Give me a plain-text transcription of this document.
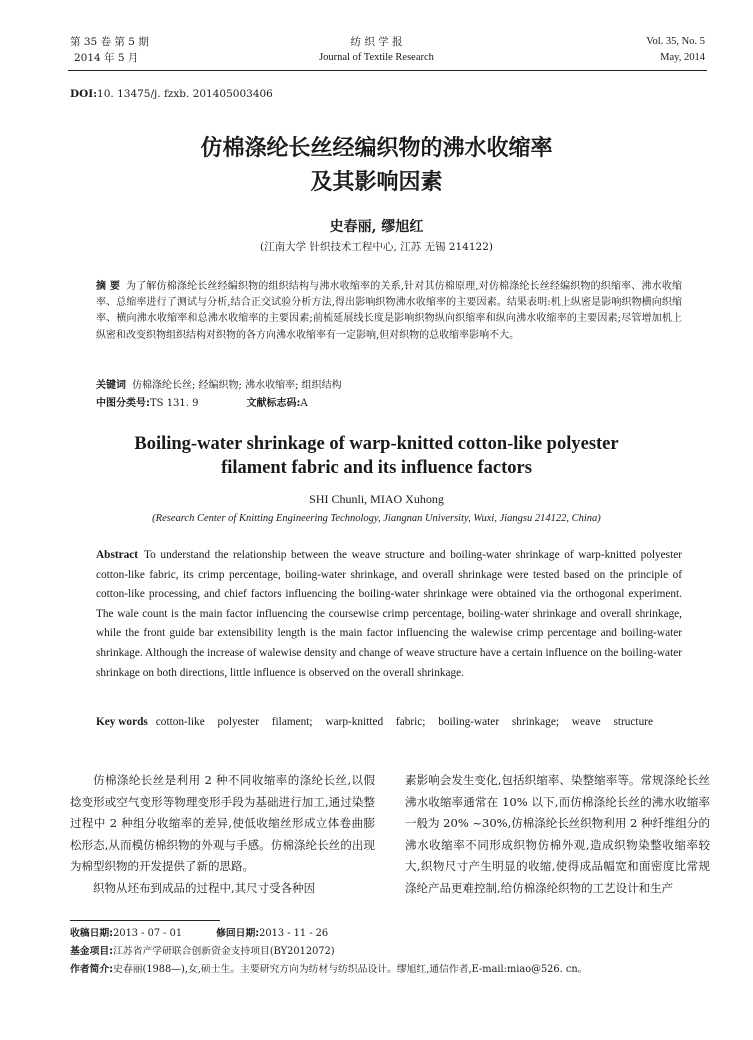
第 35 卷 第 5 期
2014 年 5 月
纺 织 学 报
Journal of Textile Research
Vol. 35, No. 5
May, 2014
DOI:10. 13475/j. fzxb. 201405003406
仿棉涤纶长丝经编织物的沸水收缩率
及其影响因素
史春丽, 缪旭红
(江南大学 针织技术工程中心, 江苏 无锡 214122)
摘 要 为了解仿棉涤纶长丝经编织物的组织结构与沸水收缩率的关系,针对其仿棉原理,对仿棉涤纶长丝经编织物的织缩率、沸水收缩率、总缩率进行了测试与分析,结合正交试验分析方法,得出影响织物沸水收缩率的主要因素。结果表明:机上纵密是影响织物横向织缩率、横向沸水收缩率和总沸水收缩率的主要因素;前梳延展线长度是影响织物纵向织缩率和纵向沸水收缩率的主要因素;尽管增加机上纵密和改变织物组织结构对织物的各方向沸水收缩率有一定影响,但对织物的总收缩率影响不大。
关键词 仿棉涤纶长丝; 经编织物; 沸水收缩率; 组织结构
中图分类号:TS 131. 9	文献标志码:A
Boiling-water shrinkage of warp-knitted cotton-like polyester
filament fabric and its influence factors
SHI Chunli, MIAO Xuhong
(Research Center of Knitting Engineering Technology, Jiangnan University, Wuxi, Jiangsu 214122, China)
Abstract To understand the relationship between the weave structure and boiling-water shrinkage of warp-knitted polyester cotton-like fabric, its crimp percentage, boiling-water shrinkage, and overall shrinkage were tested based on the principle of cotton-like processing, and chief factors influencing the boiling-water shrinkage were obtained via the orthogonal experiment. The wale count is the main factor influencing the coursewise crimp percentage, boiling-water shrinkage and overall shrinkage, while the front guide bar extensibility length is the main factor influencing the walewise crimp percentage and boiling-water shrinkage. Although the increase of walewise density and change of weave structure have a certain influence on the boiling-water shrinkage on both directions, little influence is observed on the overall shrinkage.
Key words cotton-like polyester filament; warp-knitted fabric; boiling-water shrinkage; weave structure

仿棉涤纶长丝是利用 2 种不同收缩率的涤纶长丝,以假捻变形或空气变形等物理变形手段为基础进行加工,通过染整过程中 2 种组分收缩率的差异,使低收缩丝形成立体卷曲膨松形态,从而模仿棉织物的外观与手感。仿棉涤纶长丝的出现为棉型织物的开发提供了新的思路。

织物从坯布到成品的过程中,其尺寸受各种因

素影响会发生变化,包括织缩率、染整缩率等。常规涤纶长丝沸水收缩率通常在 10% 以下,而仿棉涤纶长丝的沸水收缩率一般为 20% ~30%,仿棉涤纶长丝织物利用 2 种纤维组分的沸水收缩率不同形成织物仿棉外观,造成织物染整收缩率较大,织物尺寸产生明显的收缩,使得成品幅宽和面密度比常规涤纶产品更难控制,给仿棉涤纶织物的工艺设计和生产

收稿日期:2013 - 07 - 01	修回日期:2013 - 11 - 26
基金项目:江苏省产学研联合创新资金支持项目(BY2012072)
作者简介:史春丽(1988—),女,硕士生。主要研究方向为纺材与纺织品设计。缪旭红,通信作者,E-mail:miao@526. cn。
